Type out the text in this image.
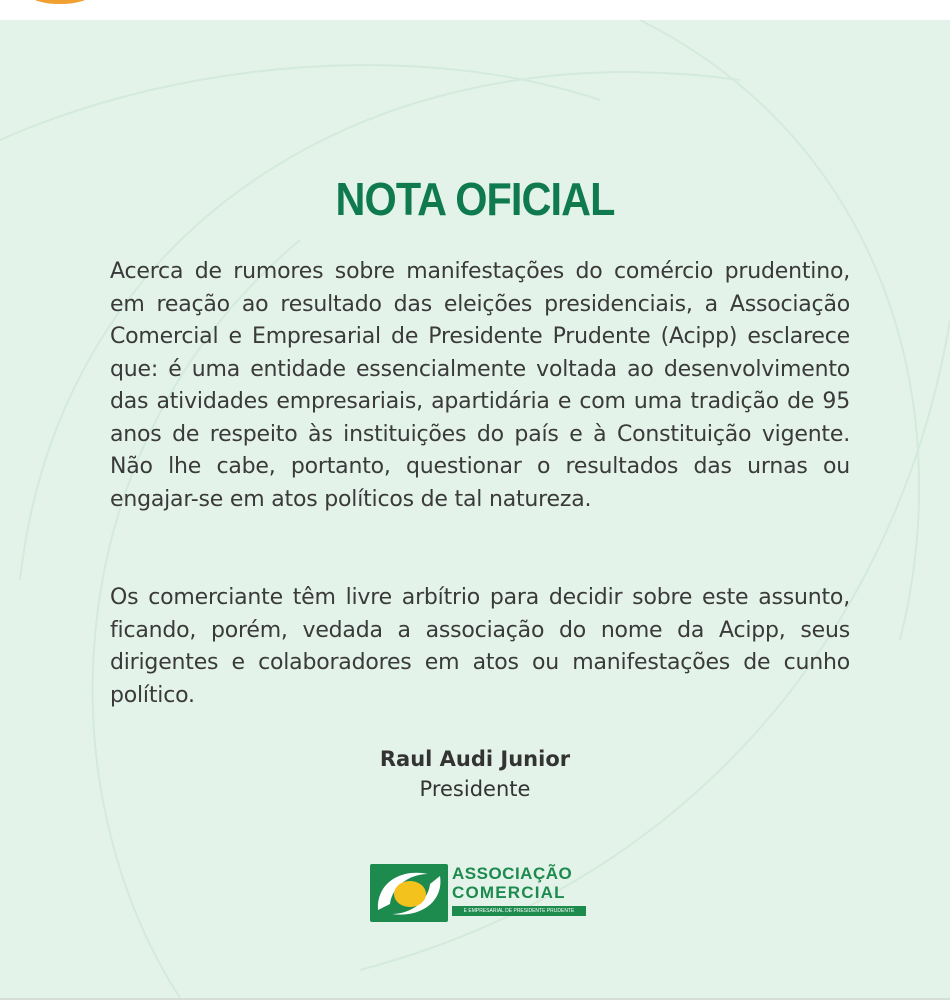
NOTA OFICIAL

Acerca de rumores sobre manifestações do comércio prudentino, em reação ao resultado das eleições presidenciais, a Associação Comercial e Empresarial de Presidente Prudente (Acipp) esclarece que: é uma entidade essencialmente voltada ao desenvolvimento das atividades empresariais, apartidária e com uma tradição de 95 anos de respeito às instituições do país e à Constituição vigente. Não lhe cabe, portanto, questionar o resultados das urnas ou engajar-se em atos políticos de tal natureza.

Os comerciante têm livre arbítrio para decidir sobre este assunto, ficando, porém, vedada a associação do nome da Acipp, seus dirigentes e colaboradores em atos ou manifestações de cunho político.

Raul Audi Junior
Presidente
ASSOCIAÇÃO
COMERCIAL
E EMPRESARIAL DE PRESIDENTE PRUDENTE
